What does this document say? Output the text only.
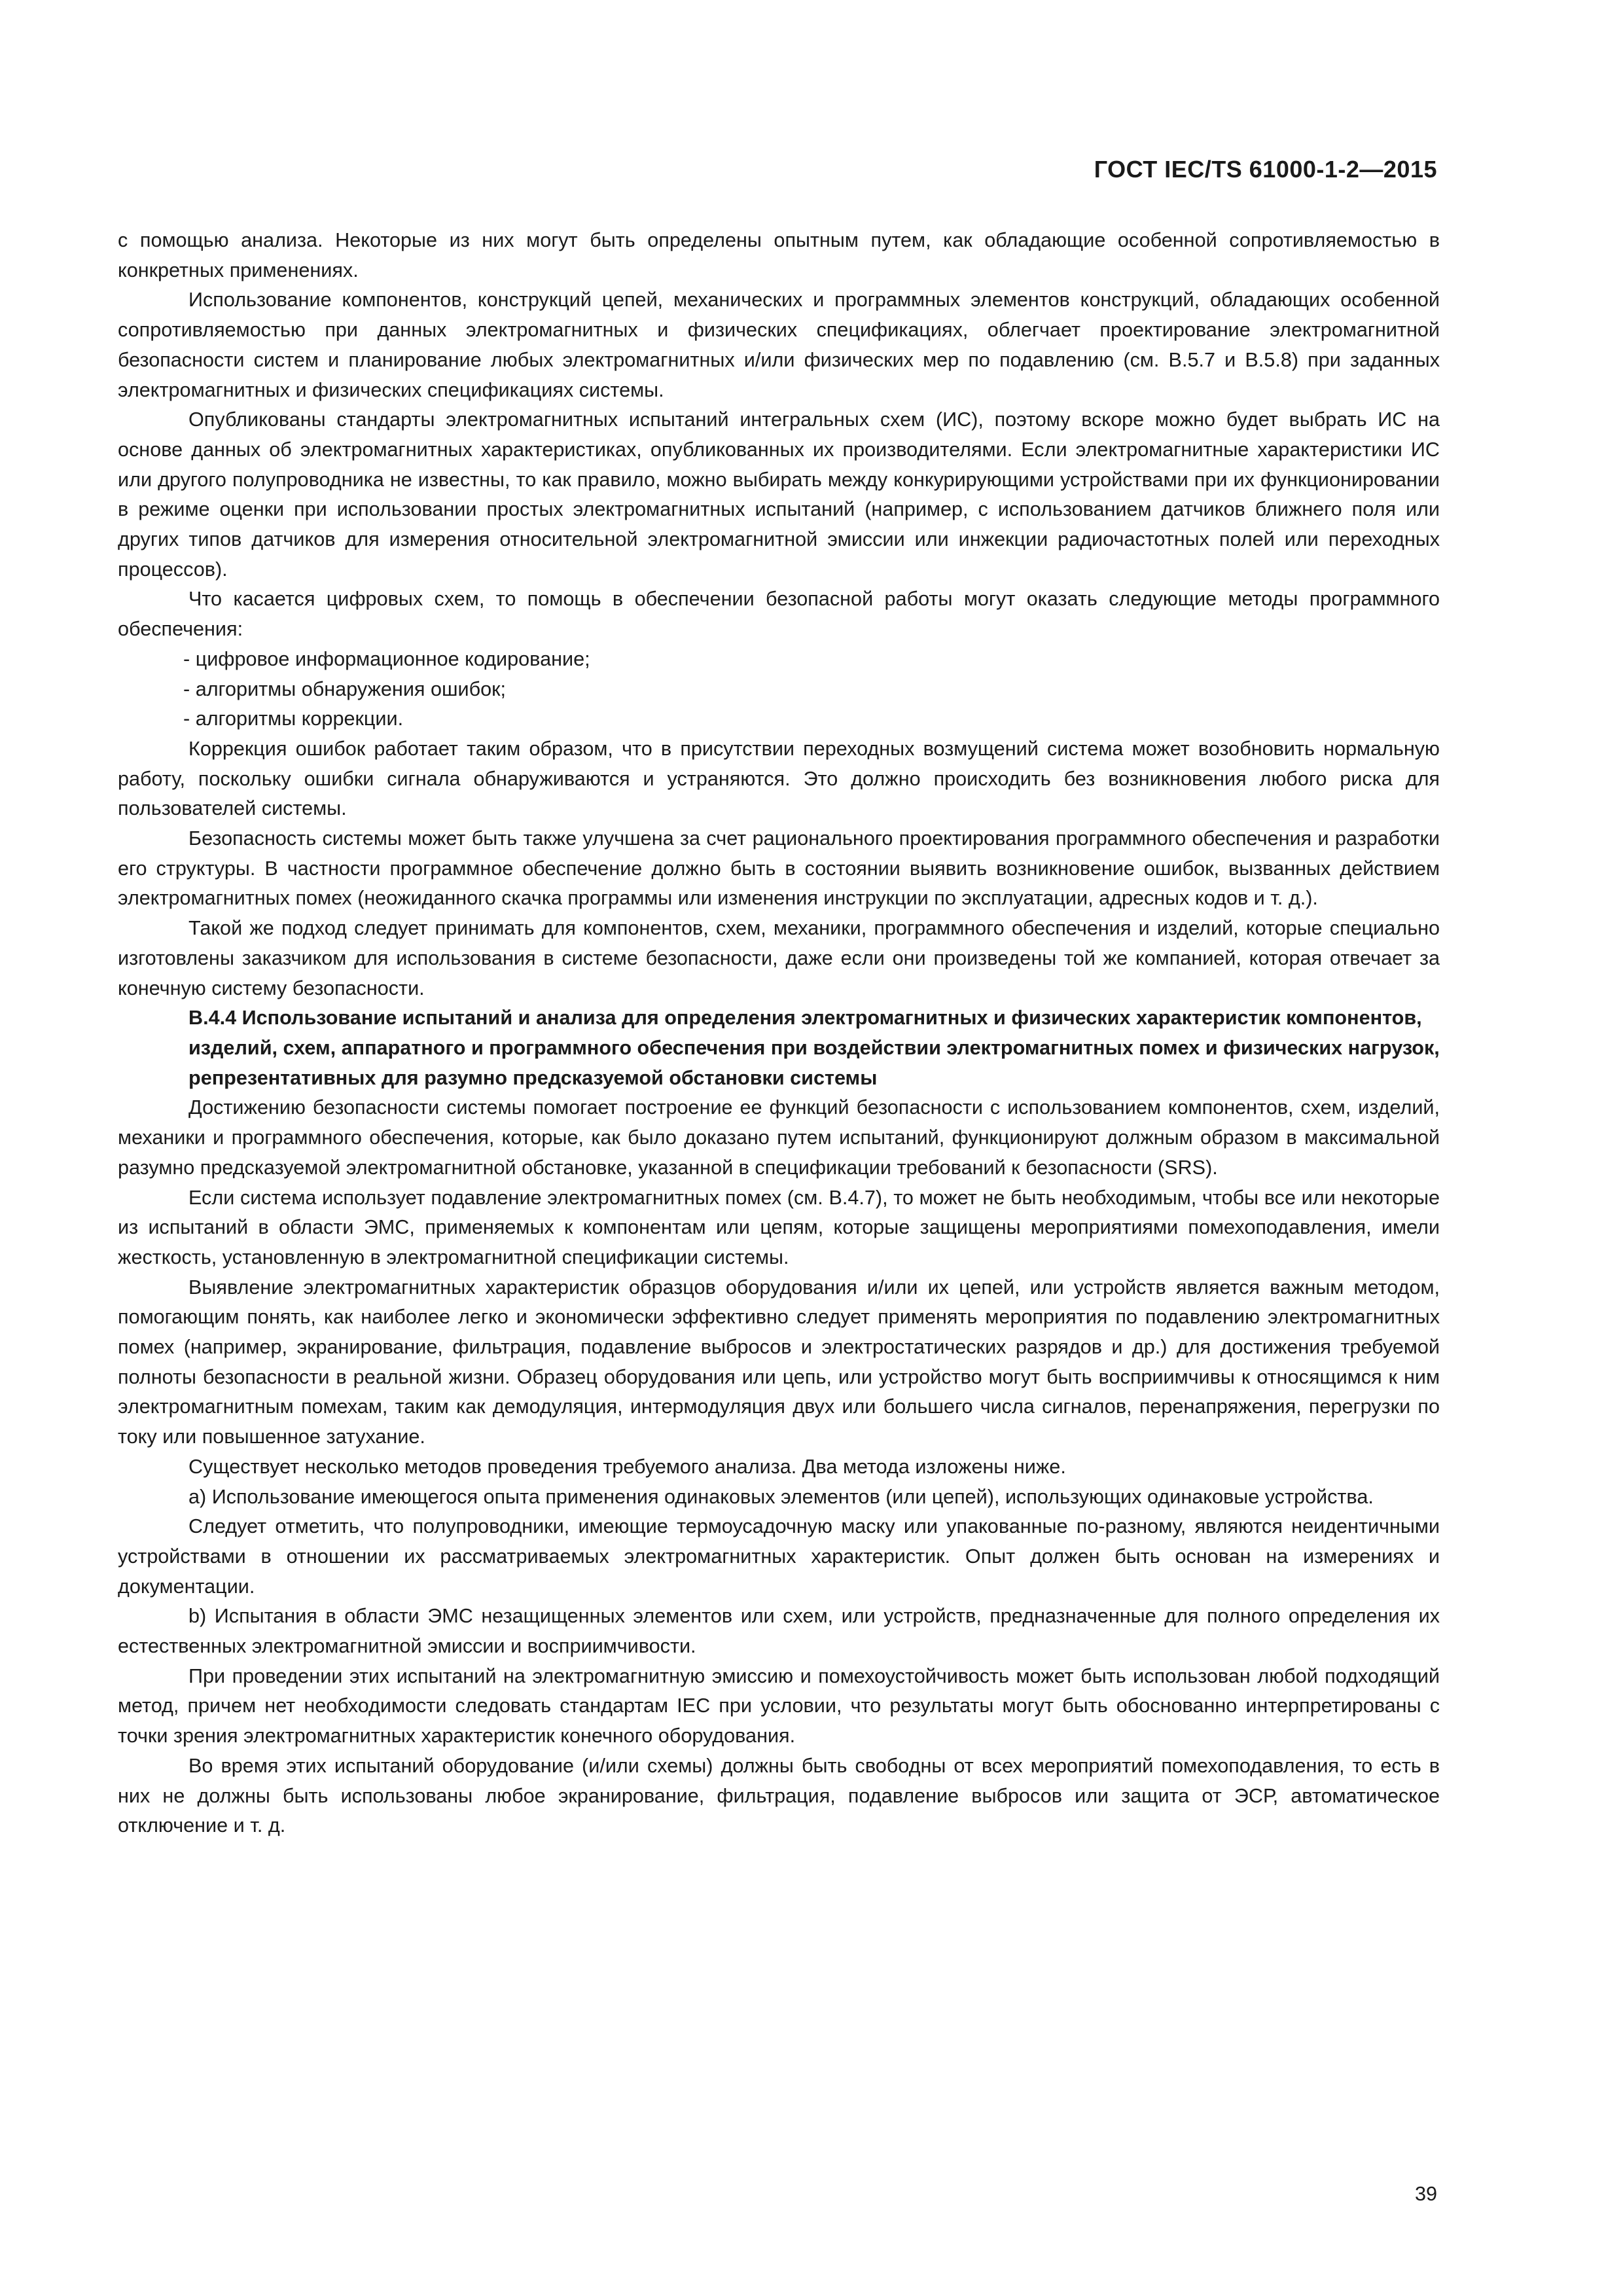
ГОСТ IEC/TS 61000-1-2—2015

с помощью анализа. Некоторые из них могут быть определены опытным путем, как обладающие особенной сопротивляемостью в конкретных применениях.

Использование компонентов, конструкций цепей, механических и программных элементов конструкций, обладающих особенной сопротивляемостью при данных электромагнитных и физических спецификациях, облегчает проектирование электромагнитной безопасности систем и планирование любых электромагнитных и/или физических мер по подавлению (см. В.5.7 и В.5.8) при заданных электромагнитных и физических спецификациях системы.

Опубликованы стандарты электромагнитных испытаний интегральных схем (ИС), поэтому вскоре можно будет выбрать ИС на основе данных об электромагнитных характеристиках, опубликованных их производителями. Если электромагнитные характеристики ИС или другого полупроводника не известны, то как правило, можно выбирать между конкурирующими устройствами при их функционировании в режиме оценки при использовании простых электромагнитных испытаний (например, с использованием датчиков ближнего поля или других типов датчиков для измерения относительной электромагнитной эмиссии или инжекции радиочастотных полей или переходных процессов).

Что касается цифровых схем, то помощь в обеспечении безопасной работы могут оказать следующие методы программного обеспечения:

- цифровое информационное кодирование;

- алгоритмы обнаружения ошибок;

- алгоритмы коррекции.

Коррекция ошибок работает таким образом, что в присутствии переходных возмущений система может возобновить нормальную работу, поскольку ошибки сигнала обнаруживаются и устраняются. Это должно происходить без возникновения любого риска для пользователей системы.

Безопасность системы может быть также улучшена за счет рационального проектирования программного обеспечения и разработки его структуры. В частности программное обеспечение должно быть в состоянии выявить возникновение ошибок, вызванных действием электромагнитных помех (неожиданного скачка программы или изменения инструкции по эксплуатации, адресных кодов и т. д.).

Такой же подход следует принимать для компонентов, схем, механики, программного обеспечения и изделий, которые специально изготовлены заказчиком для использования в системе безопасности, даже если они произведены той же компанией, которая отвечает за конечную систему безопасности.

В.4.4 Использование испытаний и анализа для определения электромагнитных и физических характеристик компонентов, изделий, схем, аппаратного и программного обеспечения при воздействии электромагнитных помех и физических нагрузок, репрезентативных для разумно предсказуемой обстановки системы

Достижению безопасности системы помогает построение ее функций безопасности с использованием компонентов, схем, изделий, механики и программного обеспечения, которые, как было доказано путем испытаний, функционируют должным образом в максимальной разумно предсказуемой электромагнитной обстановке, указанной в спецификации требований к безопасности (SRS).

Если система использует подавление электромагнитных помех (см. В.4.7), то может не быть необходимым, чтобы все или некоторые из испытаний в области ЭМС, применяемых к компонентам или цепям, которые защищены мероприятиями помехоподавления, имели жесткость, установленную в электромагнитной спецификации системы.

Выявление электромагнитных характеристик образцов оборудования и/или их цепей, или устройств является важным методом, помогающим понять, как наиболее легко и экономически эффективно следует применять мероприятия по подавлению электромагнитных помех (например, экранирование, фильтрация, подавление выбросов и электростатических разрядов и др.) для достижения требуемой полноты безопасности в реальной жизни. Образец оборудования или цепь, или устройство могут быть восприимчивы к относящимся к ним электромагнитным помехам, таким как демодуляция, интермодуляция двух или большего числа сигналов, перенапряжения, перегрузки по току или повышенное затухание.

Существует несколько методов проведения требуемого анализа. Два метода изложены ниже.

а) Использование имеющегося опыта применения одинаковых элементов (или цепей), использующих одинаковые устройства.

Следует отметить, что полупроводники, имеющие термоусадочную маску или упакованные по-разному, являются неидентичными устройствами в отношении их рассматриваемых электромагнитных характеристик. Опыт должен быть основан на измерениях и документации.

b) Испытания в области ЭМС незащищенных элементов или схем, или устройств, предназначенные для полного определения их естественных электромагнитной эмиссии и восприимчивости.

При проведении этих испытаний на электромагнитную эмиссию и помехоустойчивость может быть использован любой подходящий метод, причем нет необходимости следовать стандартам IEC при условии, что результаты могут быть обоснованно интерпретированы с точки зрения электромагнитных характеристик конечного оборудования.

Во время этих испытаний оборудование (и/или схемы) должны быть свободны от всех мероприятий помехоподавления, то есть в них не должны быть использованы любое экранирование, фильтрация, подавление выбросов или защита от ЭСР, автоматическое отключение и т. д.

39
